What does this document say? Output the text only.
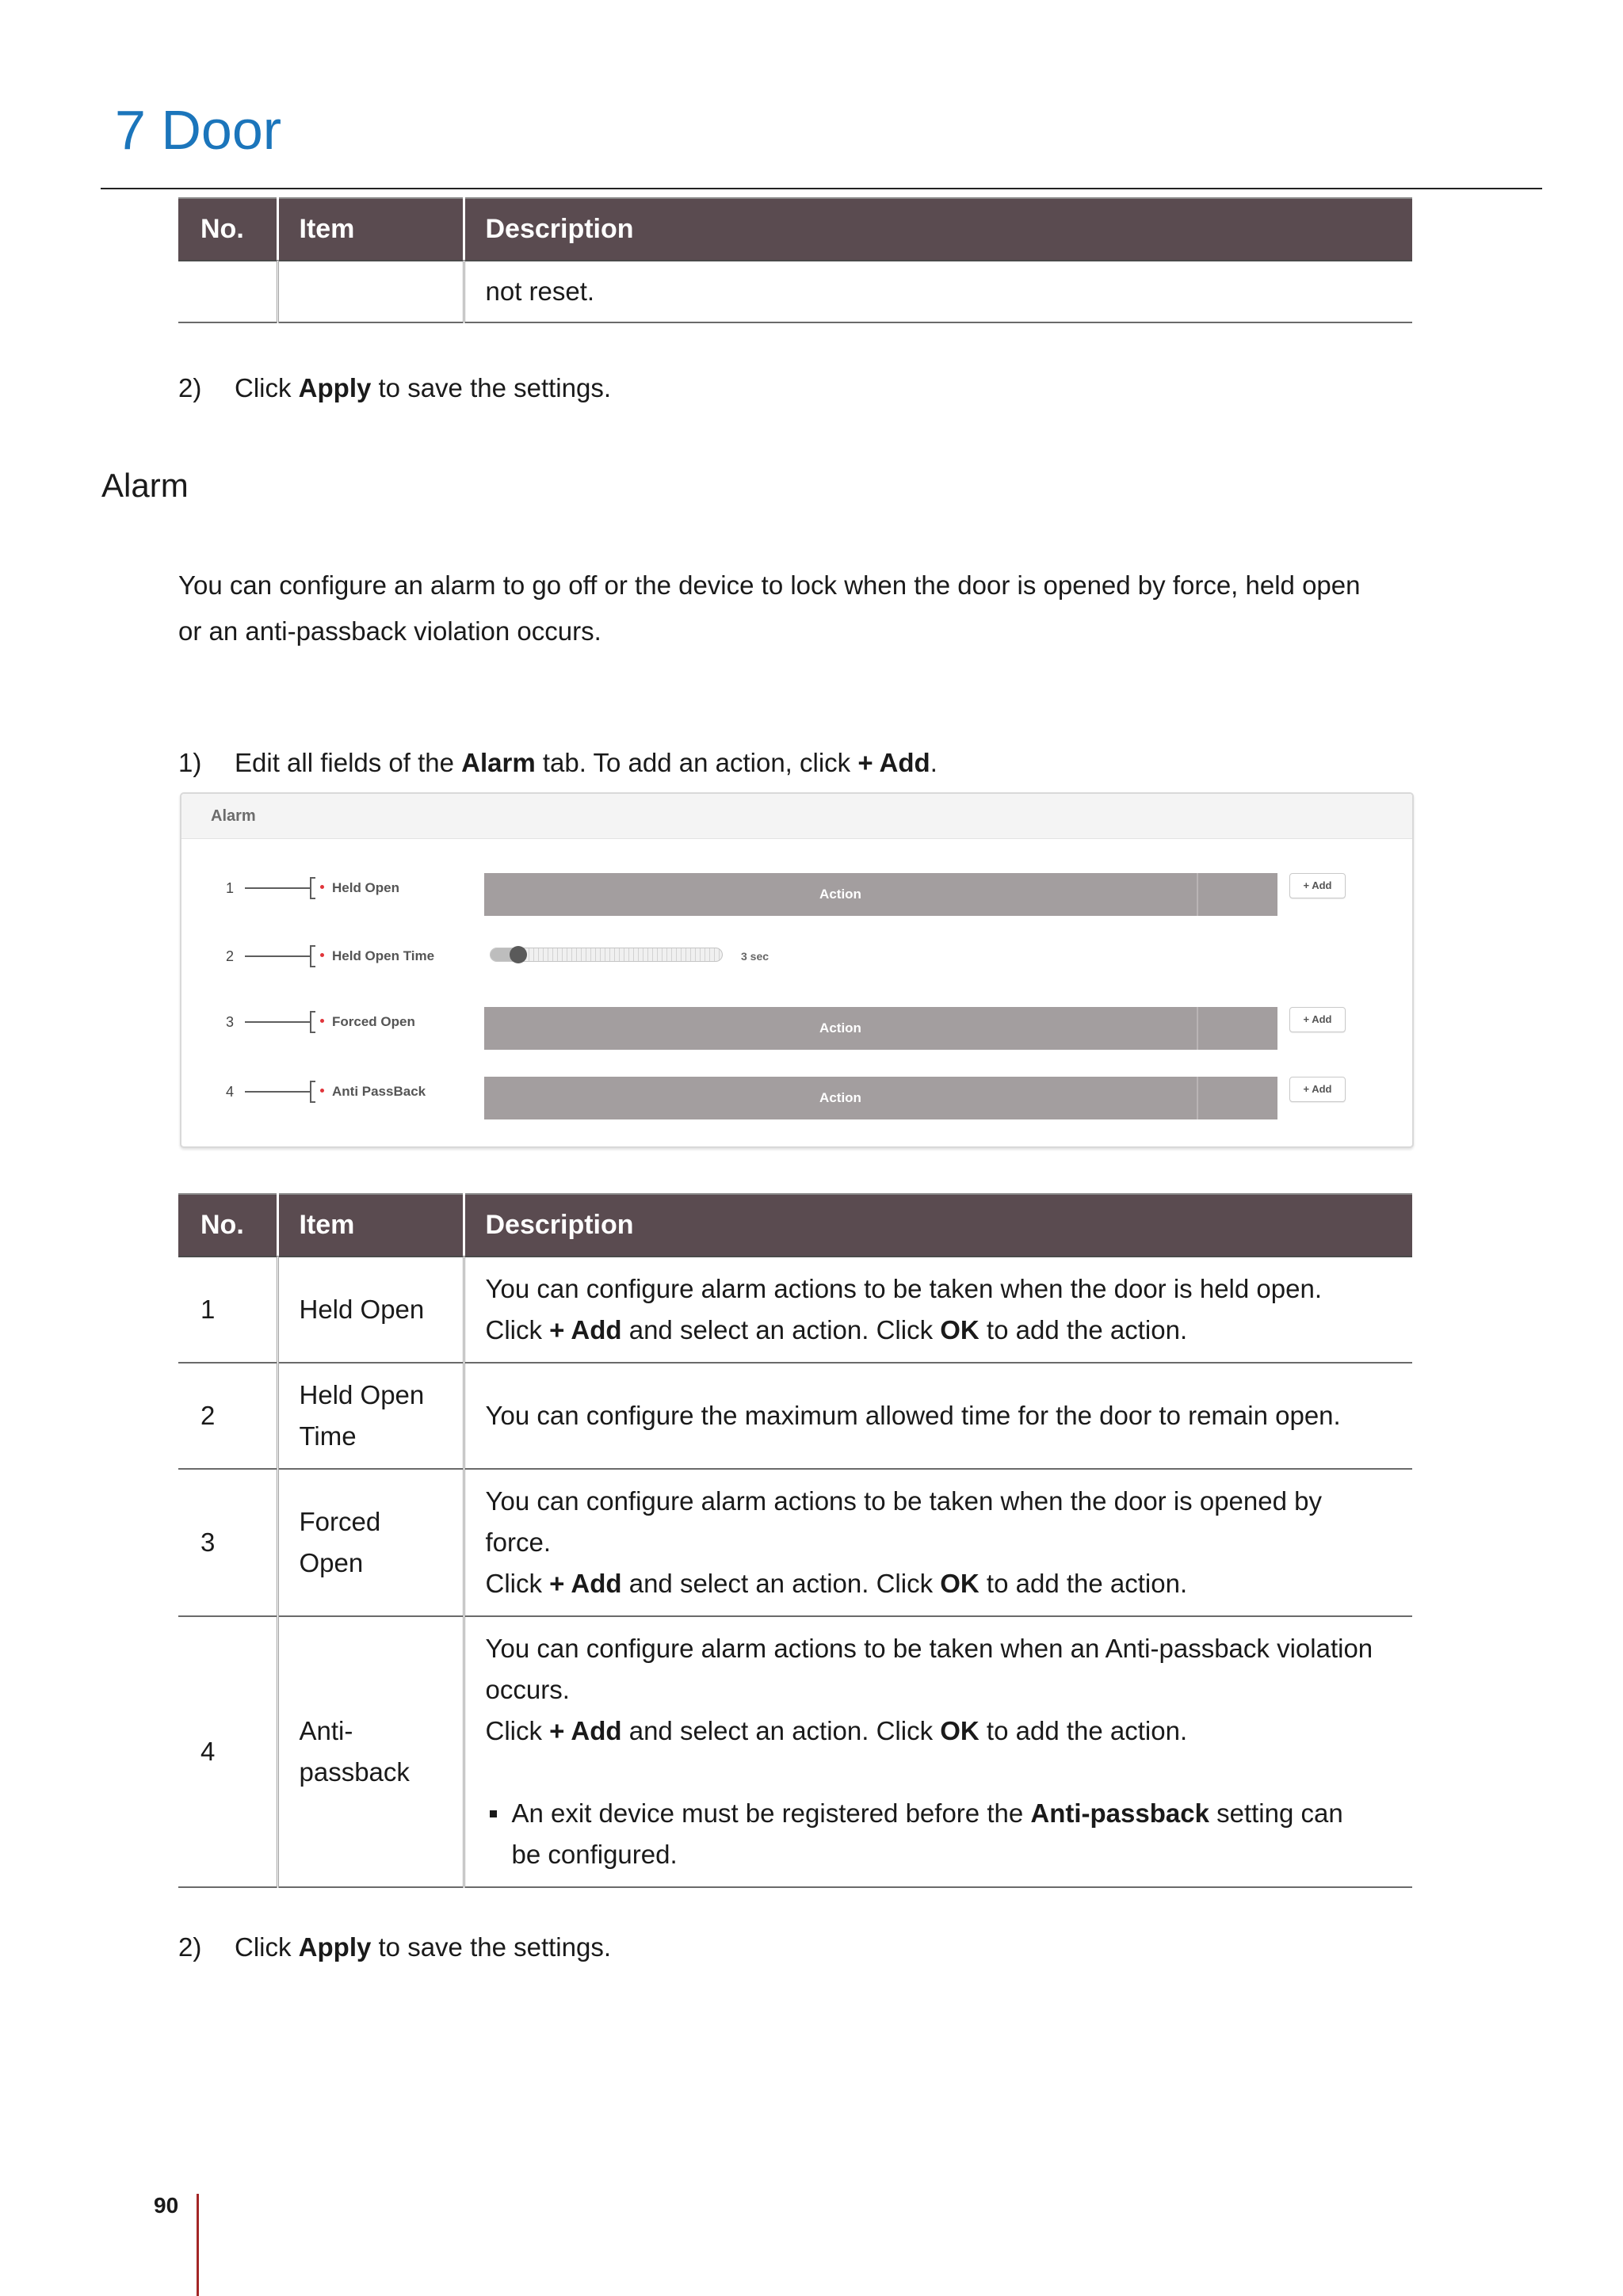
7 Door
No.	Item	Description
		not reset.
2) Click Apply to save the settings.
Alarm
You can configure an alarm to go off or the device to lock when the door is opened by force, held open
or an anti-passback violation occurs.
1) Edit all fields of the Alarm tab. To add an action, click + Add.
Alarm
1	Held Open	Action
+ Add
2	Held Open Time	3 sec
3	Forced Open	Action
+ Add
4	Anti PassBack	Action
+ Add
No.	Item	Description
1	Held Open	You can configure alarm actions to be taken when the door is held open.
Click + Add and select an action. Click OK to add the action.

2	Held Open
Time	You can configure the maximum allowed time for the door to remain open.

3	Forced
Open	You can configure alarm actions to be taken when the door is opened by
force.
Click + Add and select an action. Click OK to add the action.

4	Anti-
passback	You can configure alarm actions to be taken when an Anti-passback violation
occurs.
Click + Add and select an action. Click OK to add the action.
An exit device must be registered before the Anti-passback setting can
be configured.
2) Click Apply to save the settings.
90
